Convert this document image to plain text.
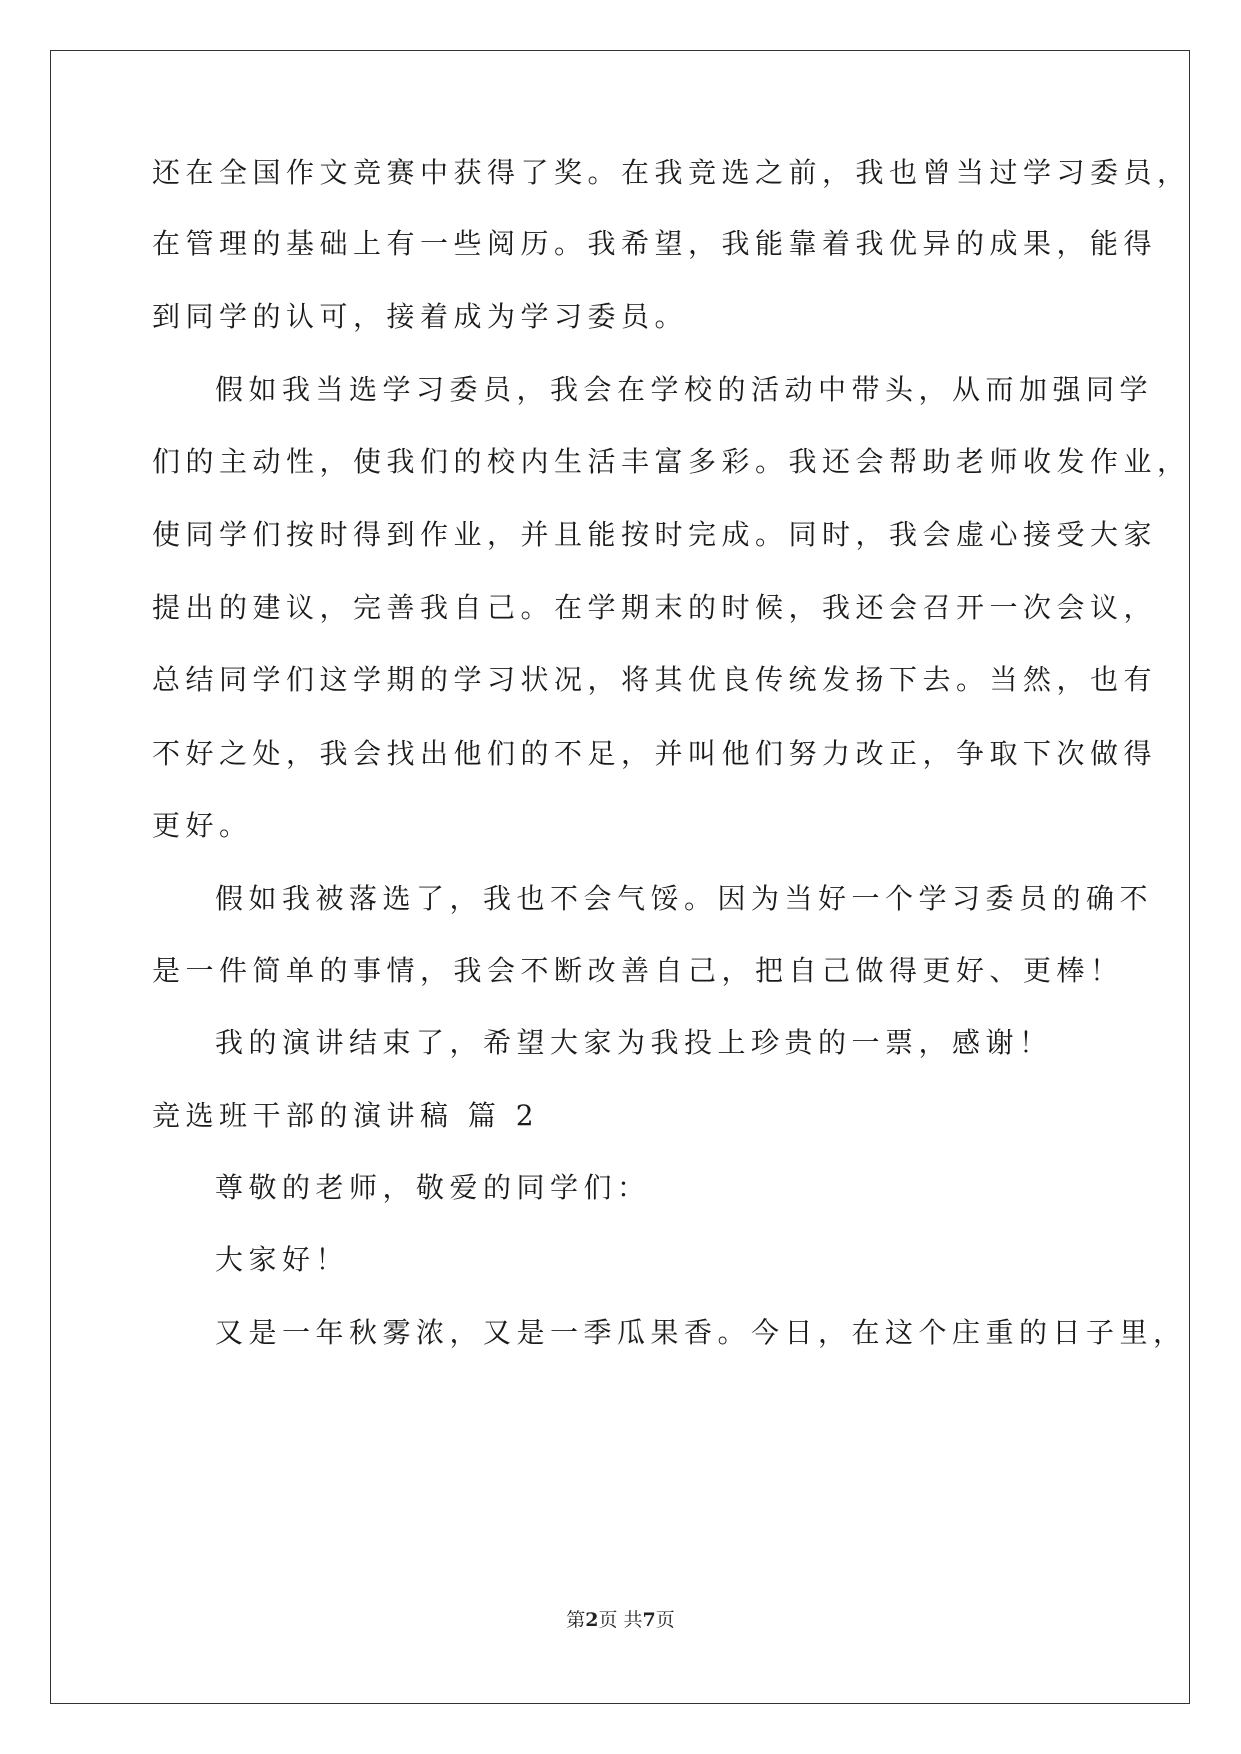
还在全国作文竞赛中获得了奖。在我竞选之前，我也曾当过学习委员，
在管理的基础上有一些阅历。我希望，我能靠着我优异的成果，能得
到同学的认可，接着成为学习委员。
假如我当选学习委员，我会在学校的活动中带头，从而加强同学
们的主动性，使我们的校内生活丰富多彩。我还会帮助老师收发作业，
使同学们按时得到作业，并且能按时完成。同时，我会虚心接受大家
提出的建议，完善我自己。在学期末的时候，我还会召开一次会议，
总结同学们这学期的学习状况，将其优良传统发扬下去。当然，也有
不好之处，我会找出他们的不足，并叫他们努力改正，争取下次做得
更好。
假如我被落选了，我也不会气馁。因为当好一个学习委员的确不
是一件简单的事情，我会不断改善自己，把自己做得更好、更棒！
我的演讲结束了，希望大家为我投上珍贵的一票，感谢！
竞选班干部的演讲稿 篇 2
尊敬的老师，敬爱的同学们：
大家好！
又是一年秋雾浓，又是一季瓜果香。今日，在这个庄重的日子里，
第2页 共7页
